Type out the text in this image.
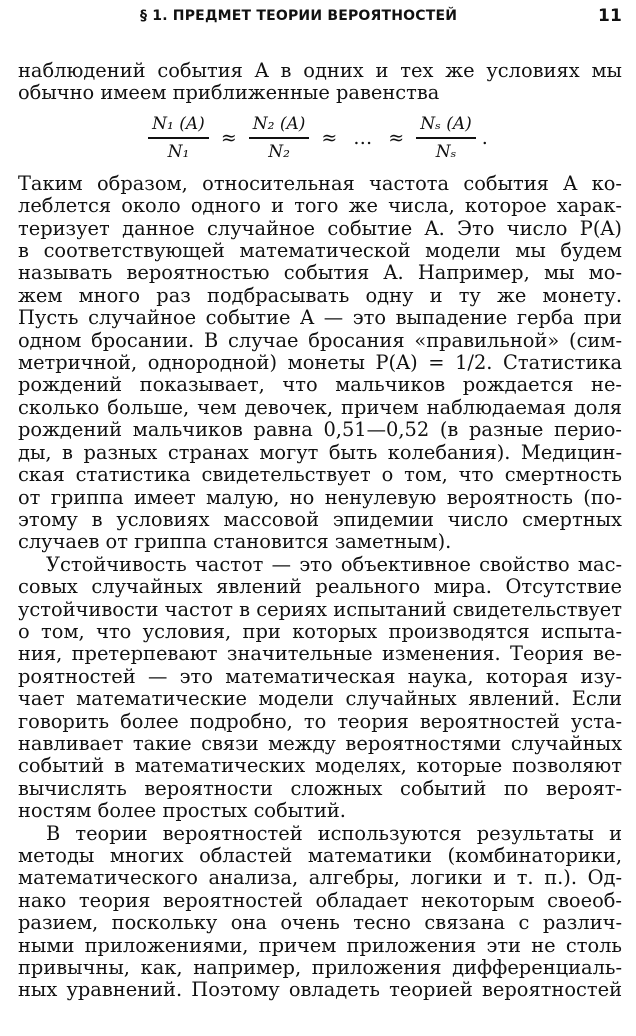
§ 1. ПРЕДМЕТ ТЕОРИИ ВЕРОЯТНОСТЕЙ	11
наблюдений события A в одних и тех же условиях мы
обычно имеем приближенные равенства
$\frac{\text{N₁ (A)}}{\text{N₁}} \approx \frac{\text{N₂ (A)}}{\text{N₂}}$ ≈ … ≈ $\frac{\text{Nₛ (A)}}{\text{Nₛ}}$ .
Таким образом, относительная частота события A ко-
леблется около одного и того же числа, которое харак-
теризует данное случайное событие A. Это число P(A)
в соответствующей математической модели мы будем
называть вероятностью события A. Например, мы мо-
жем много раз подбрасывать одну и ту же монету.
Пусть случайное событие A — это выпадение герба при
одном бросании. В случае бросания «правильной» (сим-
метричной, однородной) монеты P(A) = 1/2. Статистика
рождений показывает, что мальчиков рождается не-
сколько больше, чем девочек, причем наблюдаемая доля
рождений мальчиков равна 0,51—0,52 (в разные перио-
ды, в разных странах могут быть колебания). Медицин-
ская статистика свидетельствует о том, что смертность
от гриппа имеет малую, но ненулевую вероятность (по-
этому в условиях массовой эпидемии число смертных
случаев от гриппа становится заметным).
Устойчивость частот — это объективное свойство мас-
совых случайных явлений реального мира. Отсутствие
устойчивости частот в сериях испытаний свидетельствует
о том, что условия, при которых производятся испыта-
ния, претерпевают значительные изменения. Теория ве-
роятностей — это математическая наука, которая изу-
чает математические модели случайных явлений. Если
говорить более подробно, то теория вероятностей уста-
навливает такие связи между вероятностями случайных
событий в математических моделях, которые позволяют
вычислять вероятности сложных событий по вероят-
ностям более простых событий.
В теории вероятностей используются результаты и
методы многих областей математики (комбинаторики,
математического анализа, алгебры, логики и т. п.). Од-
нако теория вероятностей обладает некоторым своеоб-
разием, поскольку она очень тесно связана с различ-
ными приложениями, причем приложения эти не столь
привычны, как, например, приложения дифференциаль-
ных уравнений. Поэтому овладеть теорией вероятностей
